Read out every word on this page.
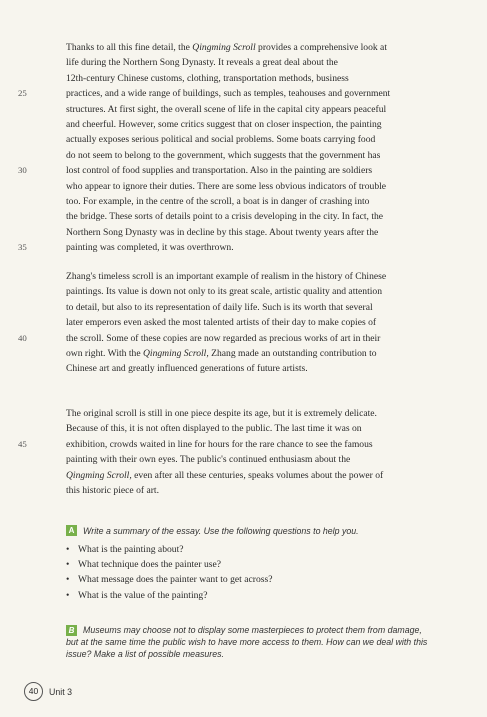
Thanks to all this fine detail, the Qingming Scroll provides a comprehensive look at
life during the Northern Song Dynasty. It reveals a great deal about the
12th-century Chinese customs, clothing, transportation methods, business
25	practices, and a wide range of buildings, such as temples, teahouses and government
structures. At first sight, the overall scene of life in the capital city appears peaceful
and cheerful. However, some critics suggest that on closer inspection, the painting
actually exposes serious political and social problems. Some boats carrying food
do not seem to belong to the government, which suggests that the government has
30	lost control of food supplies and transportation. Also in the painting are soldiers
who appear to ignore their duties. There are some less obvious indicators of trouble
too. For example, in the centre of the scroll, a boat is in danger of crashing into
the bridge. These sorts of details point to a crisis developing in the city. In fact, the
Northern Song Dynasty was in decline by this stage. About twenty years after the
35	painting was completed, it was overthrown.
Zhang's timeless scroll is an important example of realism in the history of Chinese
paintings. Its value is down not only to its great scale, artistic quality and attention
to detail, but also to its representation of daily life. Such is its worth that several
later emperors even asked the most talented artists of their day to make copies of
40	the scroll. Some of these copies are now regarded as precious works of art in their
own right. With the Qingming Scroll, Zhang made an outstanding contribution to
Chinese art and greatly influenced generations of future artists.
The original scroll is still in one piece despite its age, but it is extremely delicate.
Because of this, it is not often displayed to the public. The last time it was on
45	exhibition, crowds waited in line for hours for the rare chance to see the famous
painting with their own eyes. The public's continued enthusiasm about the
Qingming Scroll, even after all these centuries, speaks volumes about the power of
this historic piece of art.
A Write a summary of the essay. Use the following questions to help you.
• What is the painting about?
• What technique does the painter use?
• What message does the painter want to get across?
• What is the value of the painting?
B Museums may choose not to display some masterpieces to protect them from damage,
but at the same time the public wish to have more access to them. How can we deal with this
issue? Make a list of possible measures.
40	Unit 3
